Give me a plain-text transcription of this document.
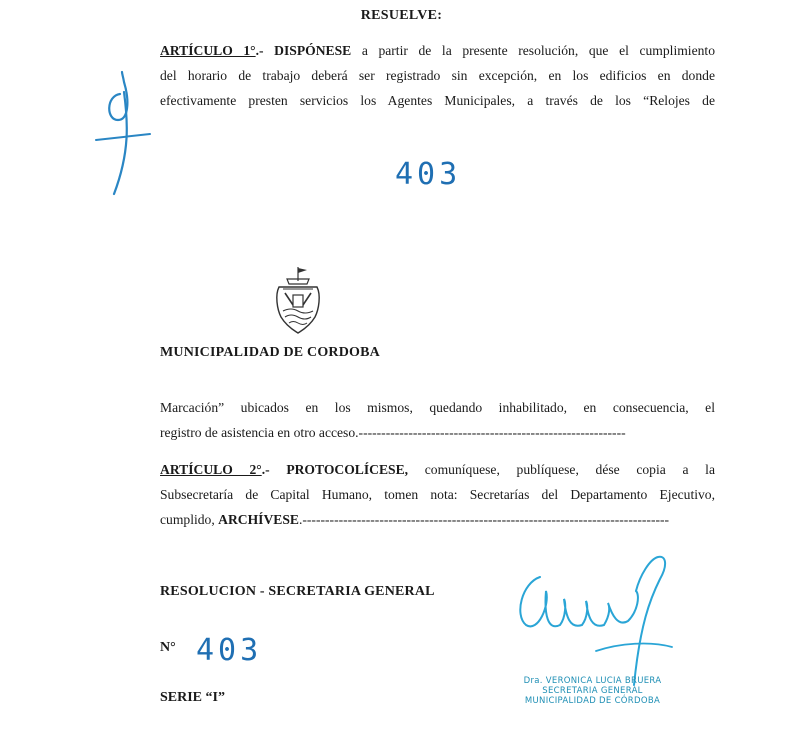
RESUELVE:
ARTÍCULO 1°.- DISPÓNESE a partir de la presente resolución, que el cumplimiento
del horario de trabajo deberá ser registrado sin excepción, en los edificios en donde
efectivamente presten servicios los Agentes Municipales, a través de los “Relojes de
403
MUNICIPALIDAD DE CORDOBA
Marcación” ubicados en los mismos, quedando inhabilitado, en consecuencia, el
registro de asistencia en otro acceso.-----------------------------------------------------------
ARTÍCULO 2°.- PROTOCOLÍCESE, comuníquese, publíquese, dése copia a la
Subsecretaría de Capital Humano, tomen nota: Secretarías del Departamento Ejecutivo,
cumplido, ARCHÍVESE.---------------------------------------------------------------------------------
RESOLUCION - SECRETARIA GENERAL
N° 403
SERIE “I”
Dra. VERONICA LUCIA BRUERA
SECRETARIA GENERAL
MUNICIPALIDAD DE CÓRDOBA
